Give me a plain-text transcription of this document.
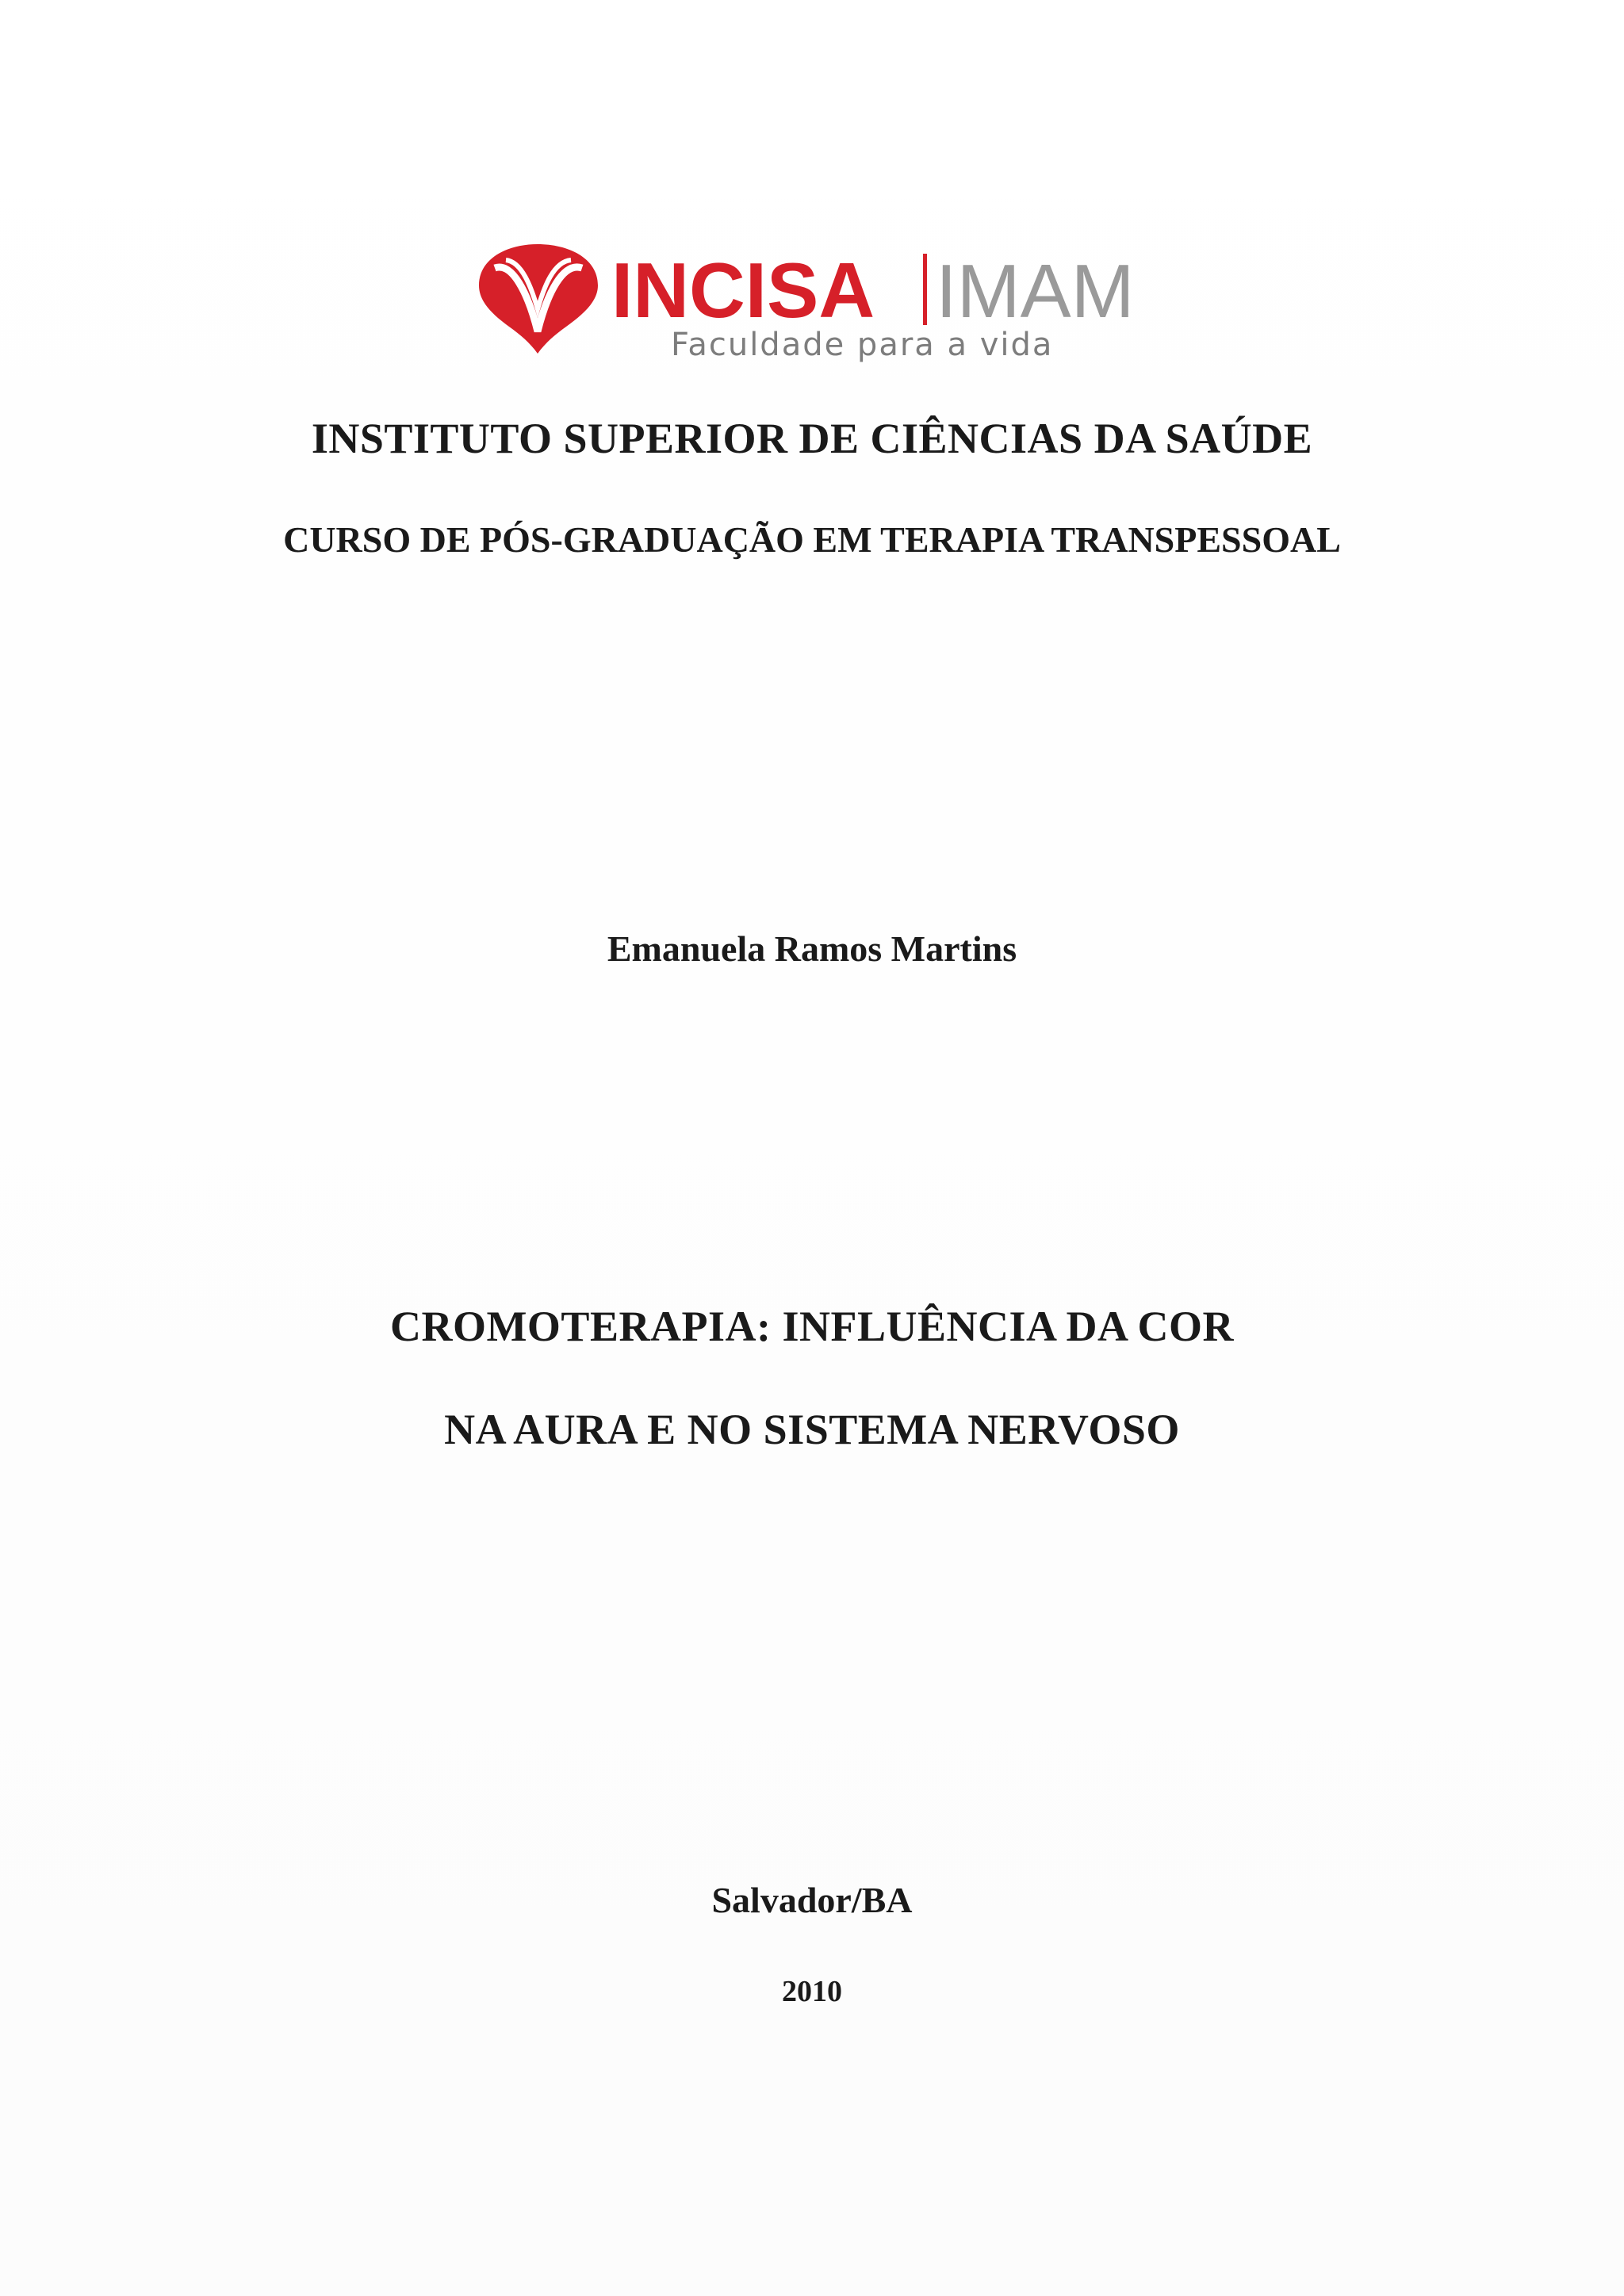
INCISA IMAM
Faculdade para a vida
INSTITUTO SUPERIOR DE CIÊNCIAS DA SAÚDE
CURSO DE PÓS-GRADUAÇÃO EM TERAPIA TRANSPESSOAL
Emanuela Ramos Martins
CROMOTERAPIA: INFLUÊNCIA DA COR
NA AURA E NO SISTEMA NERVOSO
Salvador/BA
2010
